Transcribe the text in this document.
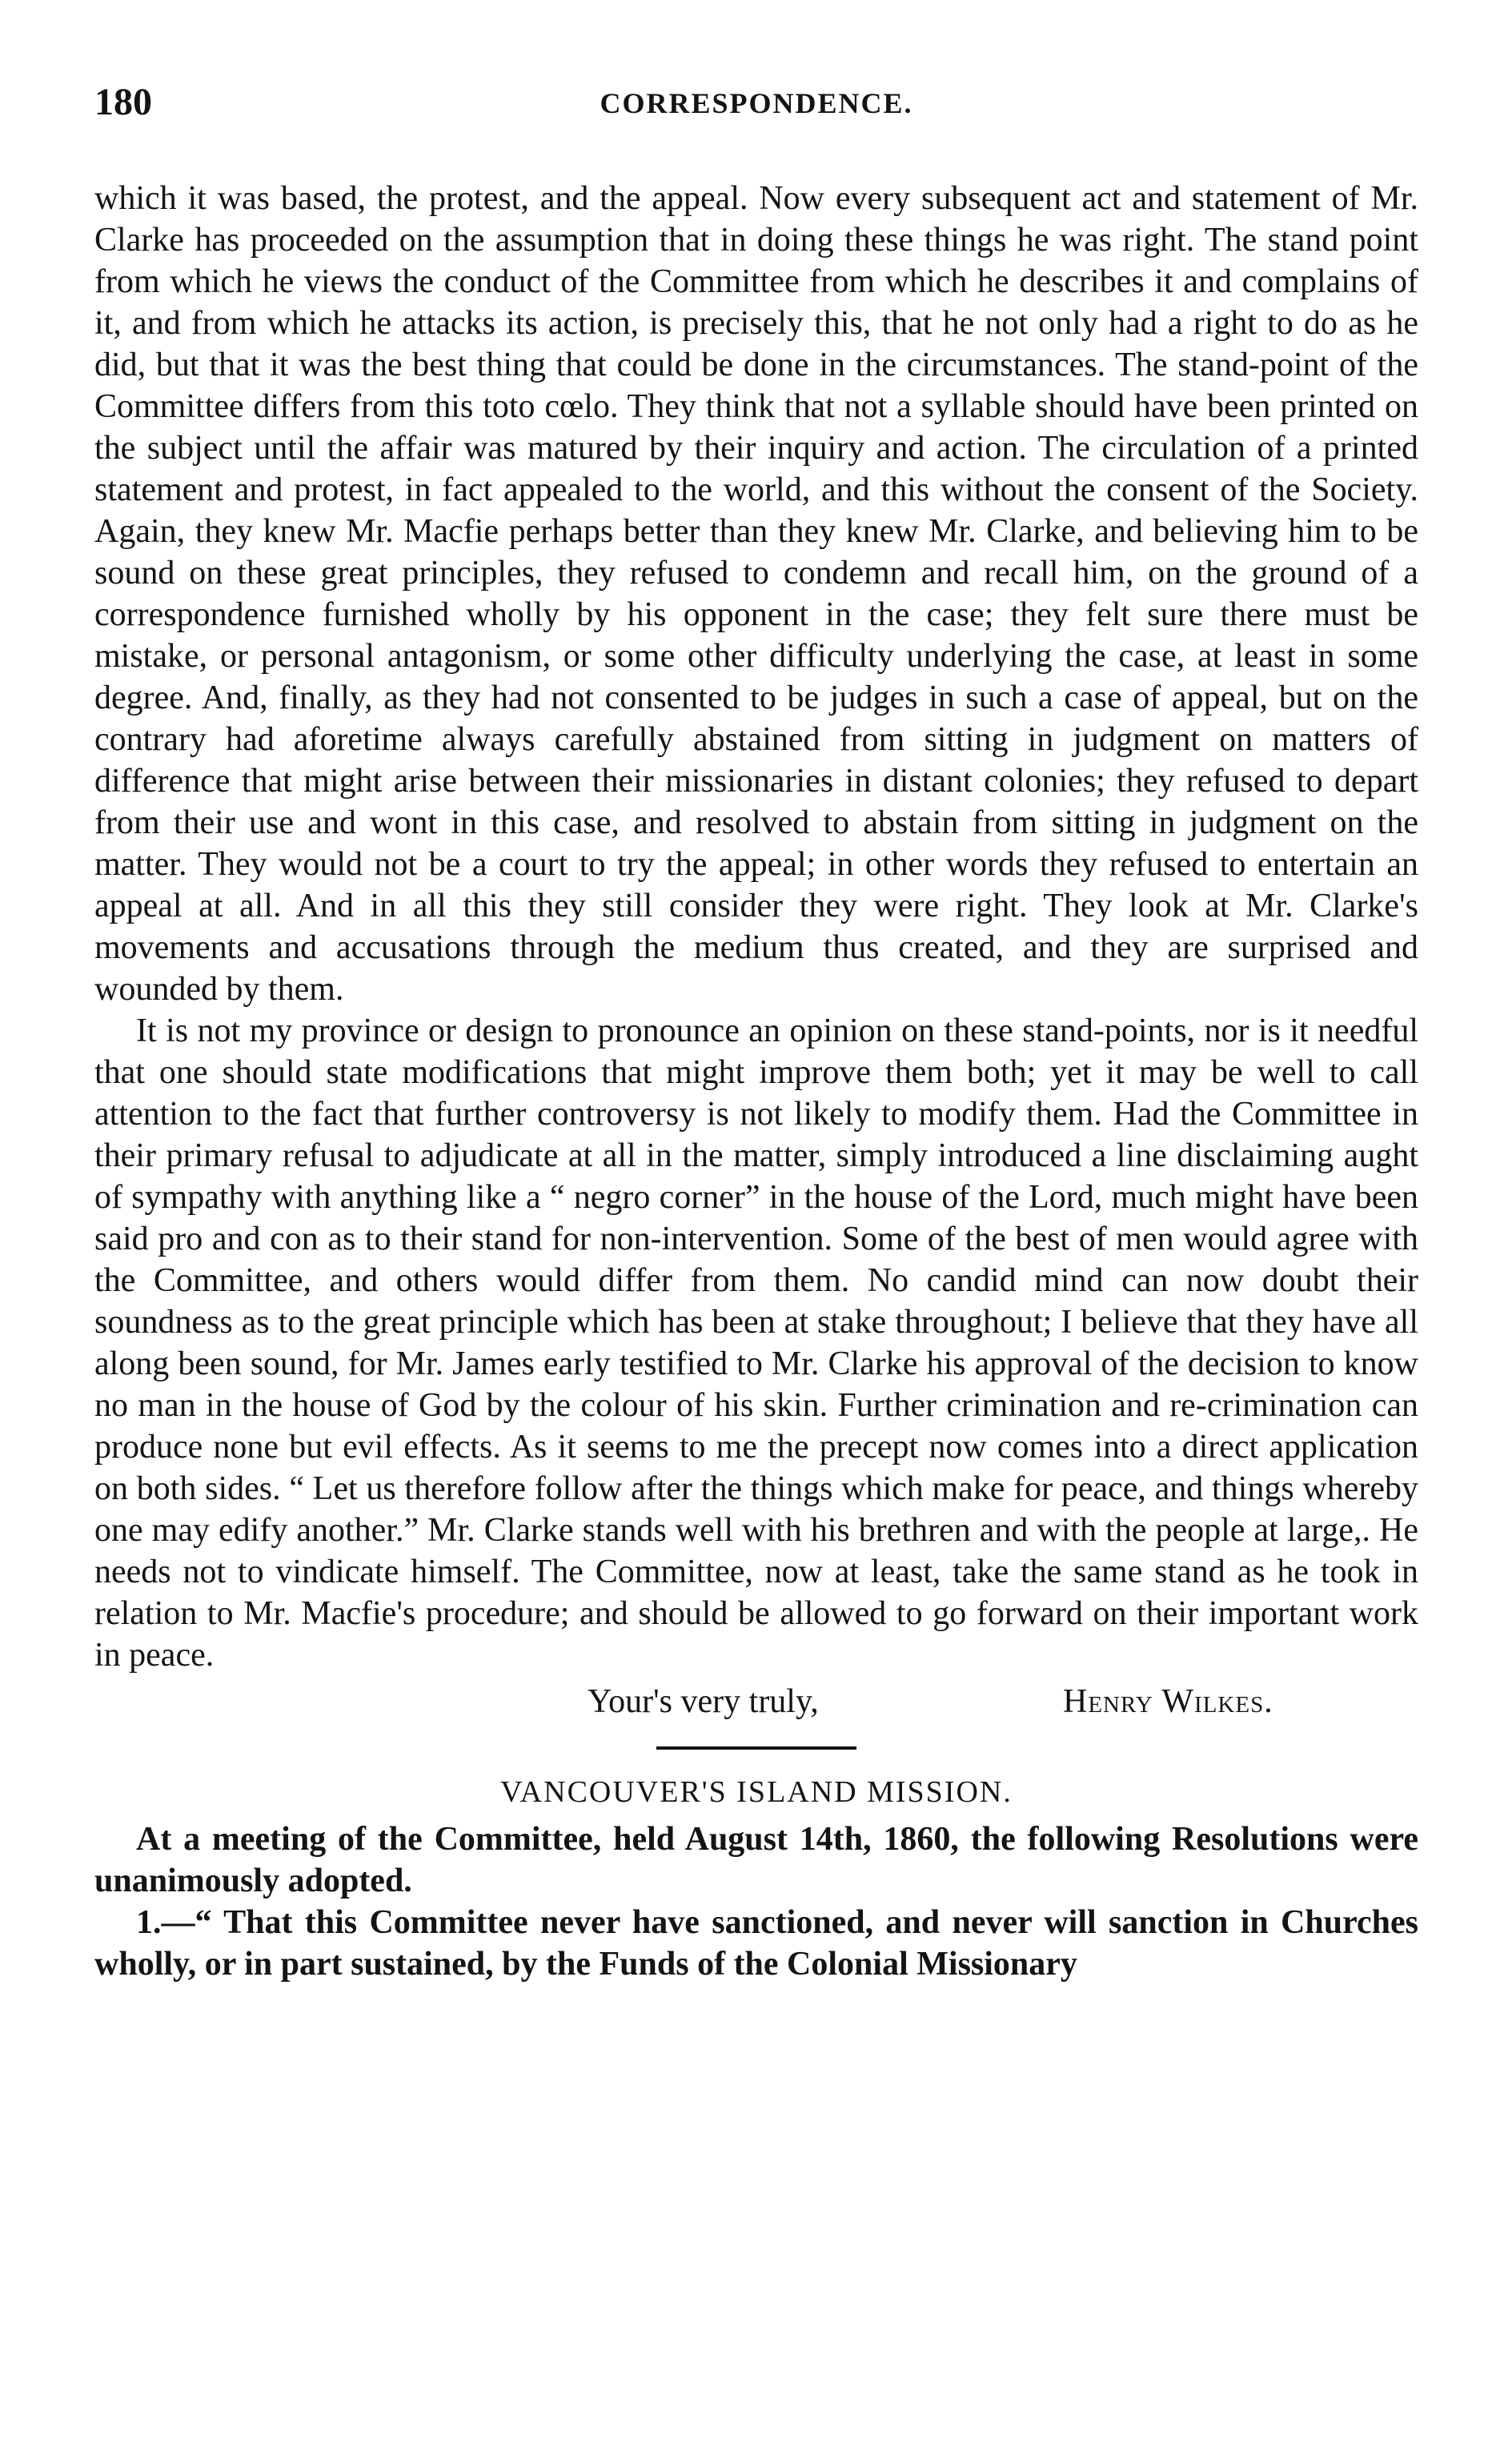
180	CORRESPONDENCE.

which it was based, the protest, and the appeal. Now every subsequent act and statement of Mr. Clarke has proceeded on the assumption that in doing these things he was right. The stand point from which he views the conduct of the Committee from which he describes it and complains of it, and from which he attacks its action, is precisely this, that he not only had a right to do as he did, but that it was the best thing that could be done in the circumstances. The stand-point of the Committee differs from this toto cœlo. They think that not a syllable should have been printed on the subject until the affair was matured by their inquiry and action. The circulation of a printed statement and protest, in fact appealed to the world, and this without the consent of the Society. Again, they knew Mr. Macfie perhaps better than they knew Mr. Clarke, and believing him to be sound on these great principles, they refused to condemn and recall him, on the ground of a correspondence furnished wholly by his opponent in the case; they felt sure there must be mistake, or personal antagonism, or some other difficulty underlying the case, at least in some degree. And, finally, as they had not consented to be judges in such a case of appeal, but on the contrary had aforetime always carefully abstained from sitting in judgment on matters of difference that might arise between their missionaries in distant colonies; they refused to depart from their use and wont in this case, and resolved to abstain from sitting in judgment on the matter. They would not be a court to try the appeal; in other words they refused to entertain an appeal at all. And in all this they still consider they were right. They look at Mr. Clarke's movements and accusations through the medium thus created, and they are surprised and wounded by them.

It is not my province or design to pronounce an opinion on these stand-points, nor is it needful that one should state modifications that might improve them both; yet it may be well to call attention to the fact that further controversy is not likely to modify them. Had the Committee in their primary refusal to adjudicate at all in the matter, simply introduced a line disclaiming aught of sympathy with anything like a “ negro corner” in the house of the Lord, much might have been said pro and con as to their stand for non-intervention. Some of the best of men would agree with the Committee, and others would differ from them. No candid mind can now doubt their soundness as to the great principle which has been at stake throughout; I believe that they have all along been sound, for Mr. James early testified to Mr. Clarke his approval of the decision to know no man in the house of God by the colour of his skin. Further crimination and re-crimination can produce none but evil effects. As it seems to me the precept now comes into a direct application on both sides. “ Let us therefore follow after the things which make for peace, and things whereby one may edify another.” Mr. Clarke stands well with his brethren and with the people at large,. He needs not to vindicate himself. The Committee, now at least, take the same stand as he took in relation to Mr. Macfie's procedure; and should be allowed to go forward on their important work in peace.

Your's very truly,	Henry Wilkes.
VANCOUVER'S ISLAND MISSION.

At a meeting of the Committee, held August 14th, 1860, the following Resolutions were unanimously adopted.

1.—“ That this Committee never have sanctioned, and never will sanction in Churches wholly, or in part sustained, by the Funds of the Colonial Missionary
